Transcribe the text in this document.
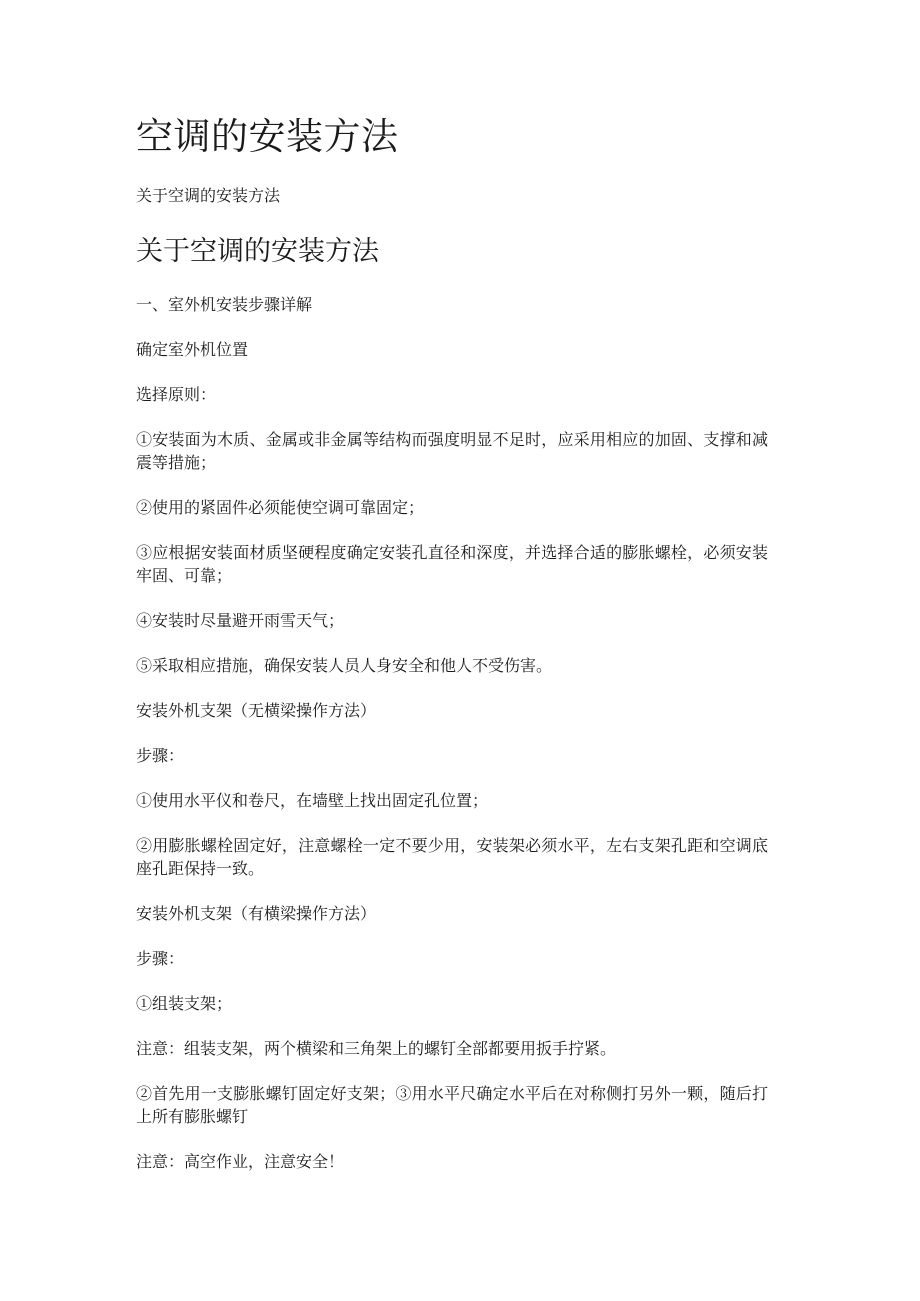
空调的安装方法
关于空调的安装方法
关于空调的安装方法
一、室外机安装步骤详解
确定室外机位置
选择原则：
①安装面为木质、金属或非金属等结构而强度明显不足时，应采用相应的加固、支撑和减震等措施；
②使用的紧固件必须能使空调可靠固定；
③应根据安装面材质坚硬程度确定安装孔直径和深度，并选择合适的膨胀螺栓，必须安装牢固、可靠；
④安装时尽量避开雨雪天气；
⑤采取相应措施，确保安装人员人身安全和他人不受伤害。
安装外机支架（无横梁操作方法）
步骤：
①使用水平仪和卷尺，在墙壁上找出固定孔位置；
②用膨胀螺栓固定好，注意螺栓一定不要少用，安装架必须水平，左右支架孔距和空调底座孔距保持一致。
安装外机支架（有横梁操作方法）
步骤：
①组装支架；
注意：组装支架，两个横梁和三角架上的螺钉全部都要用扳手拧紧。
②首先用一支膨胀螺钉固定好支架；③用水平尺确定水平后在对称侧打另外一颗，随后打上所有膨胀螺钉
注意：高空作业，注意安全！
